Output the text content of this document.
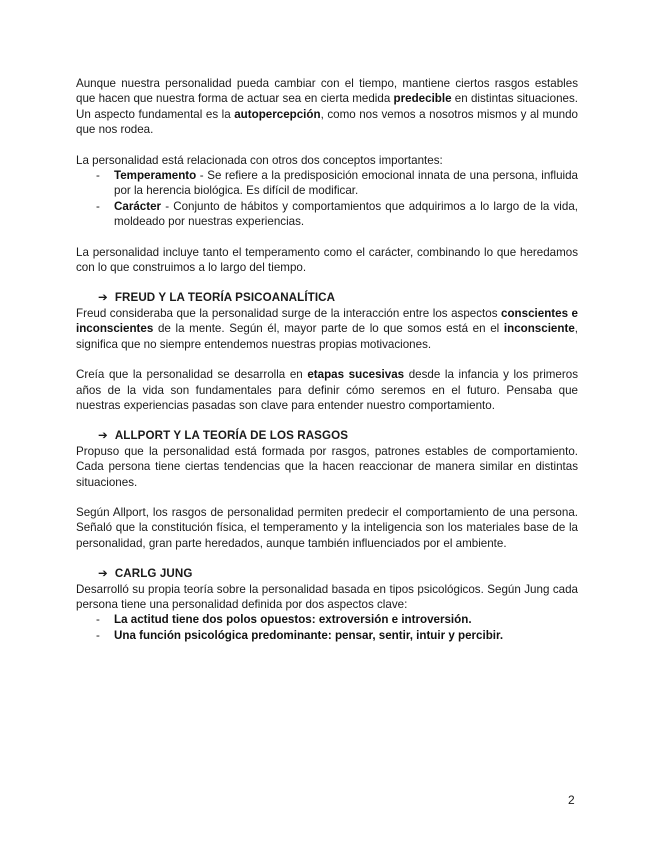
Aunque nuestra personalidad pueda cambiar con el tiempo, mantiene ciertos rasgos estables que hacen que nuestra forma de actuar sea en cierta medida predecible en distintas situaciones. Un aspecto fundamental es la autopercepción, como nos vemos a nosotros mismos y al mundo que nos rodea.

La personalidad está relacionada con otros dos conceptos importantes:

- Temperamento - Se refiere a la predisposición emocional innata de una persona, influida por la herencia biológica. Es difícil de modificar.
- Carácter - Conjunto de hábitos y comportamientos que adquirimos a lo largo de la vida, moldeado por nuestras experiencias.

La personalidad incluye tanto el temperamento como el carácter, combinando lo que heredamos con lo que construimos a lo largo del tiempo.

➔ FREUD Y LA TEORÍA PSICOANALÍTICA

Freud consideraba que la personalidad surge de la interacción entre los aspectos conscientes e inconscientes de la mente. Según él, mayor parte de lo que somos está en el inconsciente, significa que no siempre entendemos nuestras propias motivaciones.

Creía que la personalidad se desarrolla en etapas sucesivas desde la infancia y los primeros años de la vida son fundamentales para definir cómo seremos en el futuro. Pensaba que nuestras experiencias pasadas son clave para entender nuestro comportamiento.

➔ ALLPORT Y LA TEORÍA DE LOS RASGOS

Propuso que la personalidad está formada por rasgos, patrones estables de comportamiento. Cada persona tiene ciertas tendencias que la hacen reaccionar de manera similar en distintas situaciones.

Según Allport, los rasgos de personalidad permiten predecir el comportamiento de una persona. Señaló que la constitución física, el temperamento y la inteligencia son los materiales base de la personalidad, gran parte heredados, aunque también influenciados por el ambiente.

➔ CARLG JUNG

Desarrolló su propia teoría sobre la personalidad basada en tipos psicológicos. Según Jung cada persona tiene una personalidad definida por dos aspectos clave:

- La actitud tiene dos polos opuestos: extroversión e introversión.
- Una función psicológica predominante: pensar, sentir, intuir y percibir.
2
